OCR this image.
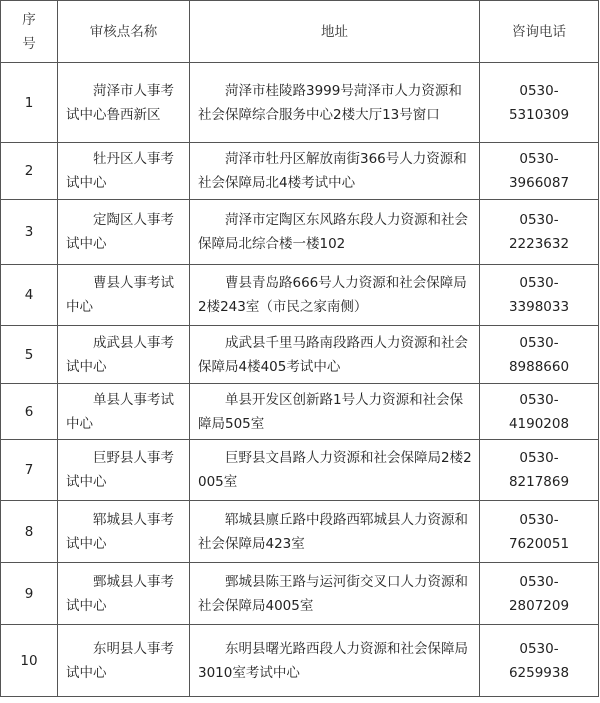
序号	审核点名称	地址	咨询电话

1	菏泽市人事考试中心鲁西新区	菏泽市桂陵路3999号菏泽市人力资源和社会保障综合服务中心2楼大厅13号窗口	0530-
5310309

2	牡丹区人事考试中心	菏泽市牡丹区解放南街366号人力资源和社会保障局北4楼考试中心	0530-
3966087

3	定陶区人事考试中心	菏泽市定陶区东风路东段人力资源和社会保障局北综合楼一楼102	0530-
2223632

4	曹县人事考试中心	曹县青岛路666号人力资源和社会保障局2楼243室（市民之家南侧）	0530-
3398033

5	成武县人事考试中心	成武县千里马路南段路西人力资源和社会保障局4楼405考试中心	0530-
8988660

6	单县人事考试中心	单县开发区创新路1号人力资源和社会保障局505室	0530-
4190208

7	巨野县人事考试中心	巨野县文昌路人力资源和社会保障局2楼2005室	0530-
8217869

8	郓城县人事考试中心	郓城县廪丘路中段路西郓城县人力资源和社会保障局423室	0530-
7620051

9	鄄城县人事考试中心	鄄城县陈王路与运河街交叉口人力资源和社会保障局4005室	0530-
2807209

10	东明县人事考试中心	东明县曙光路西段人力资源和社会保障局3010室考试中心	0530-
6259938
